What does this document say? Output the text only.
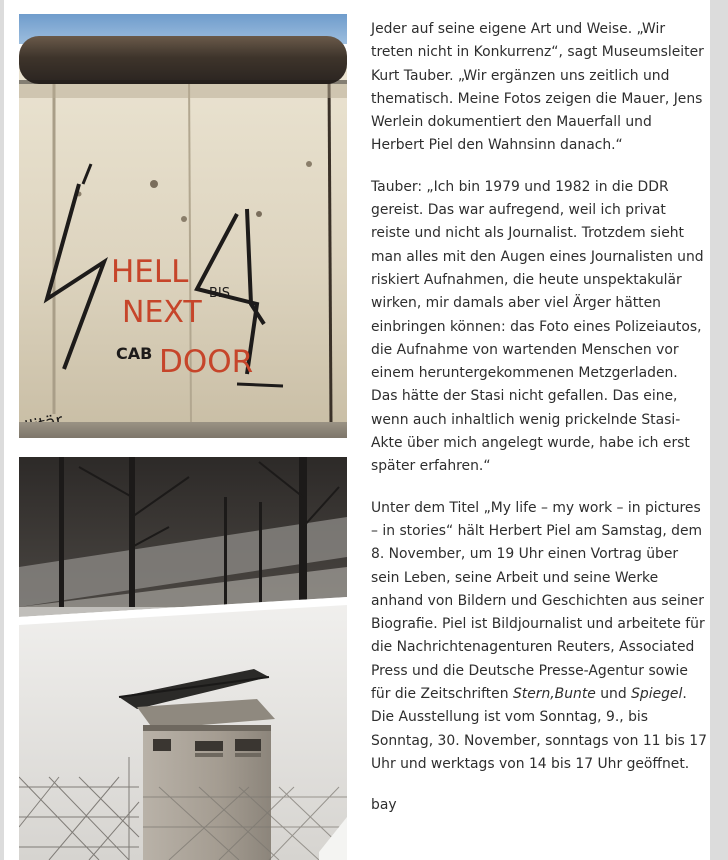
HELL
NEXT
DOOR
BIS
CAB

Jeder auf seine eigene Art und Weise. „Wir treten nicht in Konkurrenz“, sagt Museumsleiter Kurt Tauber. „Wir ergänzen uns zeitlich und thematisch. Meine Fotos zeigen die Mauer, Jens Werlein dokumentiert den Mauerfall und Herbert Piel den Wahnsinn danach.“

Tauber: „Ich bin 1979 und 1982 in die DDR gereist. Das war aufregend, weil ich privat reiste und nicht als Journalist. Trotzdem sieht man alles mit den Augen eines Journalisten und riskiert Aufnahmen, die heute unspektakulär wirken, mir damals aber viel Ärger hätten einbringen können: das Foto eines Polizeiautos, die Aufnahme von wartenden Menschen vor einem heruntergekommenen Metzgerladen. Das hätte der Stasi nicht gefallen. Das eine, wenn auch inhaltlich wenig prickelnde Stasi-Akte über mich angelegt wurde, habe ich erst später erfahren.“

Unter dem Titel „My life – my work – in pictures – in stories“ hält Herbert Piel am Samstag, dem 8. November, um 19 Uhr einen Vortrag über sein Leben, seine Arbeit und seine Werke anhand von Bildern und Geschichten aus seiner Biografie. Piel ist Bildjournalist und arbeitete für die Nachrichtenagenturen Reuters, Associated Press und die Deutsche Presse-Agentur sowie für die Zeitschriften Stern,Bunte und Spiegel. Die Ausstellung ist vom Sonntag, 9., bis Sonntag, 30. November, sonntags von 11 bis 17 Uhr und werktags von 14 bis 17 Uhr geöffnet.

bay
